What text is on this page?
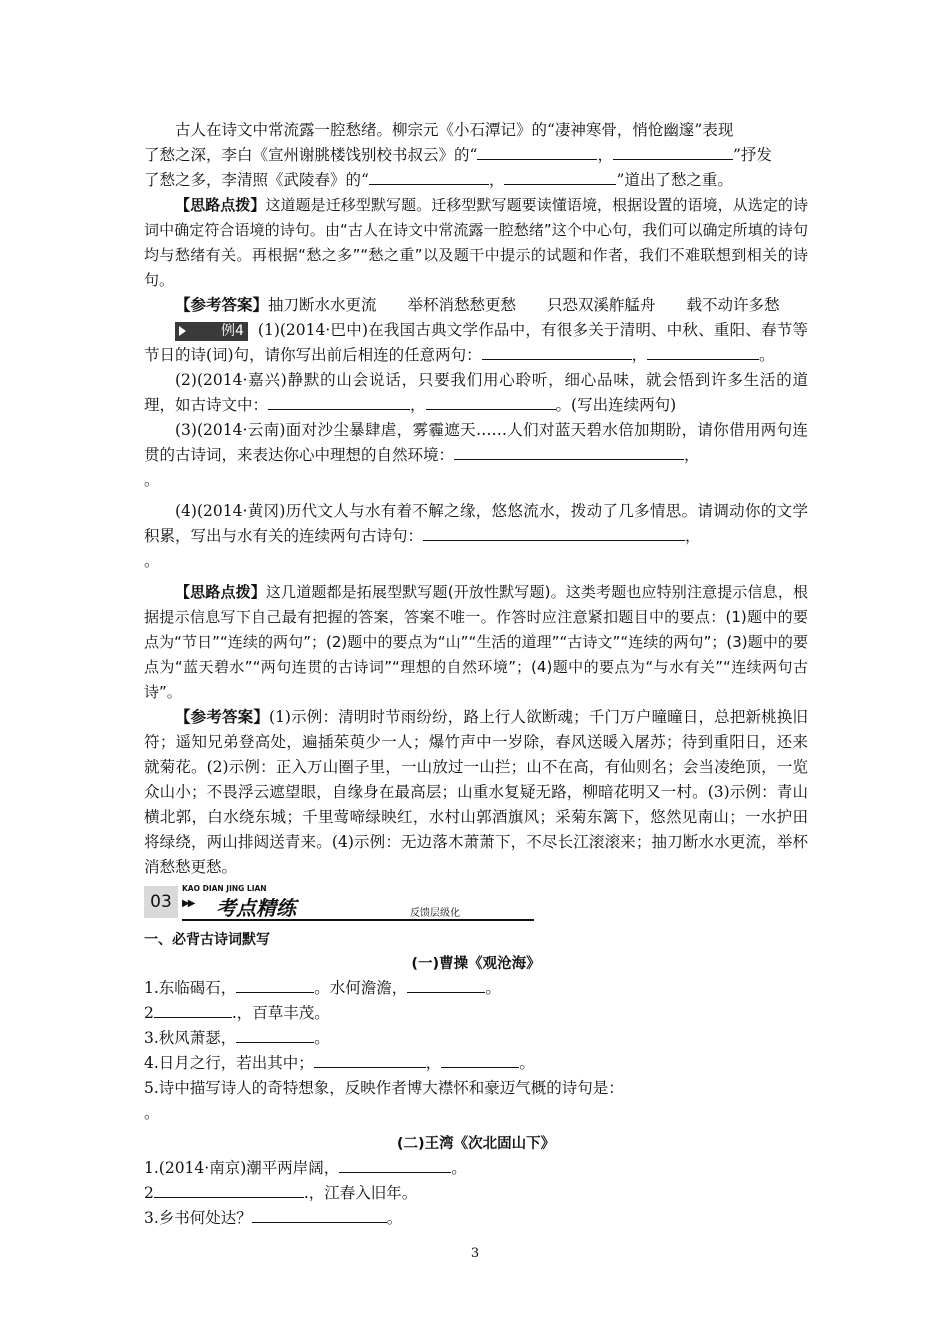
古人在诗文中常流露一腔愁绪。柳宗元《小石潭记》的“凄神寒骨，悄怆幽邃”表现

了愁之深，李白《宣州谢朓楼饯别校书叔云》的“	，	”抒发

了愁之多，李清照《武陵春》的“	，	”道出了愁之重。

【思路点拨】这道题是迁移型默写题。迁移型默写题要读懂语境，根据设置的语境，从选定的诗词中确定符合语境的诗句。由“古人在诗文中常流露一腔愁绪”这个中心句，我们可以确定所填的诗句均与愁绪有关。再根据“愁之多”“愁之重”以及题干中提示的试题和作者，我们不难联想到相关的诗句。

【参考答案】抽刀断水水更流　　举杯消愁愁更愁　　只恐双溪舴艋舟　　载不动许多愁

例4 (1)(2014·巴中)在我国古典文学作品中，有很多关于清明、中秋、重阳、春节等节日的诗(词)句，请你写出前后相连的任意两句：	，	。

(2)(2014·嘉兴)静默的山会说话，只要我们用心聆听，细心品味，就会悟到许多生活的道理，如古诗文中：	，	。(写出连续两句)

(3)(2014·云南)面对沙尘暴肆虐，雾霾遮天……人们对蓝天碧水倍加期盼，请你借用两句连贯的古诗词，来表达你心中理想的自然环境：	，
。

(4)(2014·黄冈)历代文人与水有着不解之缘，悠悠流水，拨动了几多情思。请调动你的文学积累，写出与水有关的连续两句古诗句：	，
。

【思路点拨】这几道题都是拓展型默写题(开放性默写题)。这类考题也应特别注意提示信息，根据提示信息写下自己最有把握的答案，答案不唯一。作答时应注意紧扣题目中的要点：(1)题中的要点为“节日”“连续的两句”；(2)题中的要点为“山”“生活的道理”“古诗文”“连续的两句”；(3)题中的要点为“蓝天碧水”“两句连贯的古诗词”“理想的自然环境”；(4)题中的要点为“与水有关”“连续两句古诗”。

【参考答案】(1)示例：清明时节雨纷纷，路上行人欲断魂；千门万户曈曈日，总把新桃换旧符；遥知兄弟登高处，遍插茱萸少一人；爆竹声中一岁除，春风送暖入屠苏；待到重阳日，还来就菊花。(2)示例：正入万山圈子里，一山放过一山拦；山不在高，有仙则名；会当凌绝顶，一览众山小；不畏浮云遮望眼，自缘身在最高层；山重水复疑无路，柳暗花明又一村。(3)示例：青山横北郭，白水绕东城；千里莺啼绿映红，水村山郭酒旗风；采菊东篱下，悠然见南山；一水护田将绿绕，两山排闼送青来。(4)示例：无边落木萧萧下，不尽长江滚滚来；抽刀断水水更流，举杯消愁愁更愁。

03
KAO DIAN JING LIAN
▶▶ 考点精练	反馈层级化

一、必背古诗词默写

(一)曹操《观沧海》

1.东临碣石，	。水何澹澹，	。

2	.，百草丰茂。

3.秋风萧瑟，	。

4.日月之行，若出其中；	，	。

5.诗中描写诗人的奇特想象，反映作者博大襟怀和豪迈气概的诗句是：
。

(二)王湾《次北固山下》

1.(2014·南京)潮平两岸阔，	。

2	.，江春入旧年。

3.乡书何处达？	。

3
